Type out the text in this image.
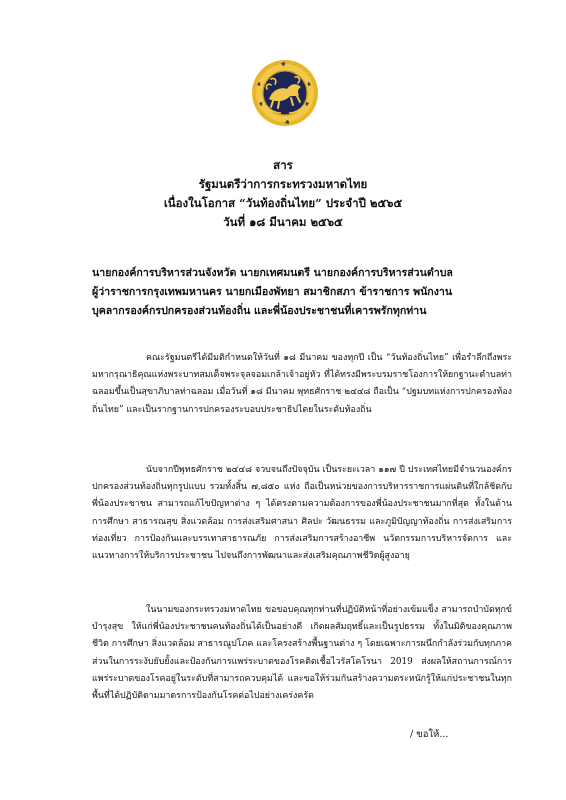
สาร
รัฐมนตรีว่าการกระทรวงมหาดไทย
เนื่องในโอกาส “วันท้องถิ่นไทย” ประจำปี ๒๕๖๕
วันที่ ๑๘ มีนาคม ๒๕๖๕
นายกองค์การบริหารส่วนจังหวัด นายกเทศมนตรี นายกองค์การบริหารส่วนตำบล
ผู้ว่าราชการกรุงเทพมหานคร นายกเมืองพัทยา สมาชิกสภา ข้าราชการ พนักงาน
บุคลากรองค์กรปกครองส่วนท้องถิ่น และพี่น้องประชาชนที่เคารพรักทุกท่าน
คณะรัฐมนตรีได้มีมติกำหนดให้วันที่ ๑๘ มีนาคม ของทุกปี เป็น “วันท้องถิ่นไทย” เพื่อรำลึกถึงพระมหากรุณาธิคุณแห่งพระบาทสมเด็จพระจุลจอมเกล้าเจ้าอยู่หัว ที่ได้ทรงมีพระบรมราชโองการให้ยกฐานะตำบลท่าฉลอมขึ้นเป็นสุขาภิบาลท่าฉลอม เมื่อวันที่ ๑๘ มีนาคม พุทธศักราช ๒๔๔๘ ถือเป็น “ปฐมบทแห่งการปกครองท้องถิ่นไทย” และเป็นรากฐานการปกครองระบอบประชาธิปไตยในระดับท้องถิ่น
นับจากปีพุทธศักราช ๒๔๔๘ จวบจนถึงปัจจุบัน เป็นระยะเวลา ๑๑๗ ปี ประเทศไทยมีจำนวนองค์กรปกครองส่วนท้องถิ่นทุกรูปแบบ รวมทั้งสิ้น ๗,๘๕๐ แห่ง ถือเป็นหน่วยของการบริหารราชการแผ่นดินที่ใกล้ชิดกับพี่น้องประชาชน สามารถแก้ไขปัญหาต่าง ๆ ได้ตรงตามความต้องการของพี่น้องประชาชนมากที่สุด ทั้งในด้านการศึกษา สาธารณสุข สิ่งแวดล้อม การส่งเสริมศาสนา ศิลปะ วัฒนธรรม และภูมิปัญญาท้องถิ่น การส่งเสริมการท่องเที่ยว การป้องกันและบรรเทาสาธารณภัย การส่งเสริมการสร้างอาชีพ นวัตกรรมการบริหารจัดการ และแนวทางการให้บริการประชาชน ไปจนถึงการพัฒนาและส่งเสริมคุณภาพชีวิตผู้สูงอายุ
ในนามของกระทรวงมหาดไทย ขอขอบคุณทุกท่านที่ปฏิบัติหน้าที่อย่างเข้มแข็ง สามารถบำบัดทุกข์ บำรุงสุข ให้แก่พี่น้องประชาชนคนท้องถิ่นได้เป็นอย่างดี เกิดผลสัมฤทธิ์และเป็นรูปธรรม ทั้งในมิติของคุณภาพชีวิต การศึกษา สิ่งแวดล้อม สาธารณูปโภค และโครงสร้างพื้นฐานต่าง ๆ โดยเฉพาะการผนึกกำลังร่วมกับทุกภาคส่วนในการระงับยับยั้งและป้องกันการแพร่ระบาดของโรคติดเชื้อไวรัสโคโรนา 2019 ส่งผลให้สถานการณ์การแพร่ระบาดของโรคอยู่ในระดับที่สามารถควบคุมได้ และขอให้ร่วมกันสร้างความตระหนักรู้ให้แก่ประชาชนในทุกพื้นที่ได้ปฏิบัติตามมาตรการป้องกันโรคต่อไปอย่างเคร่งครัด
/ ขอให้...
